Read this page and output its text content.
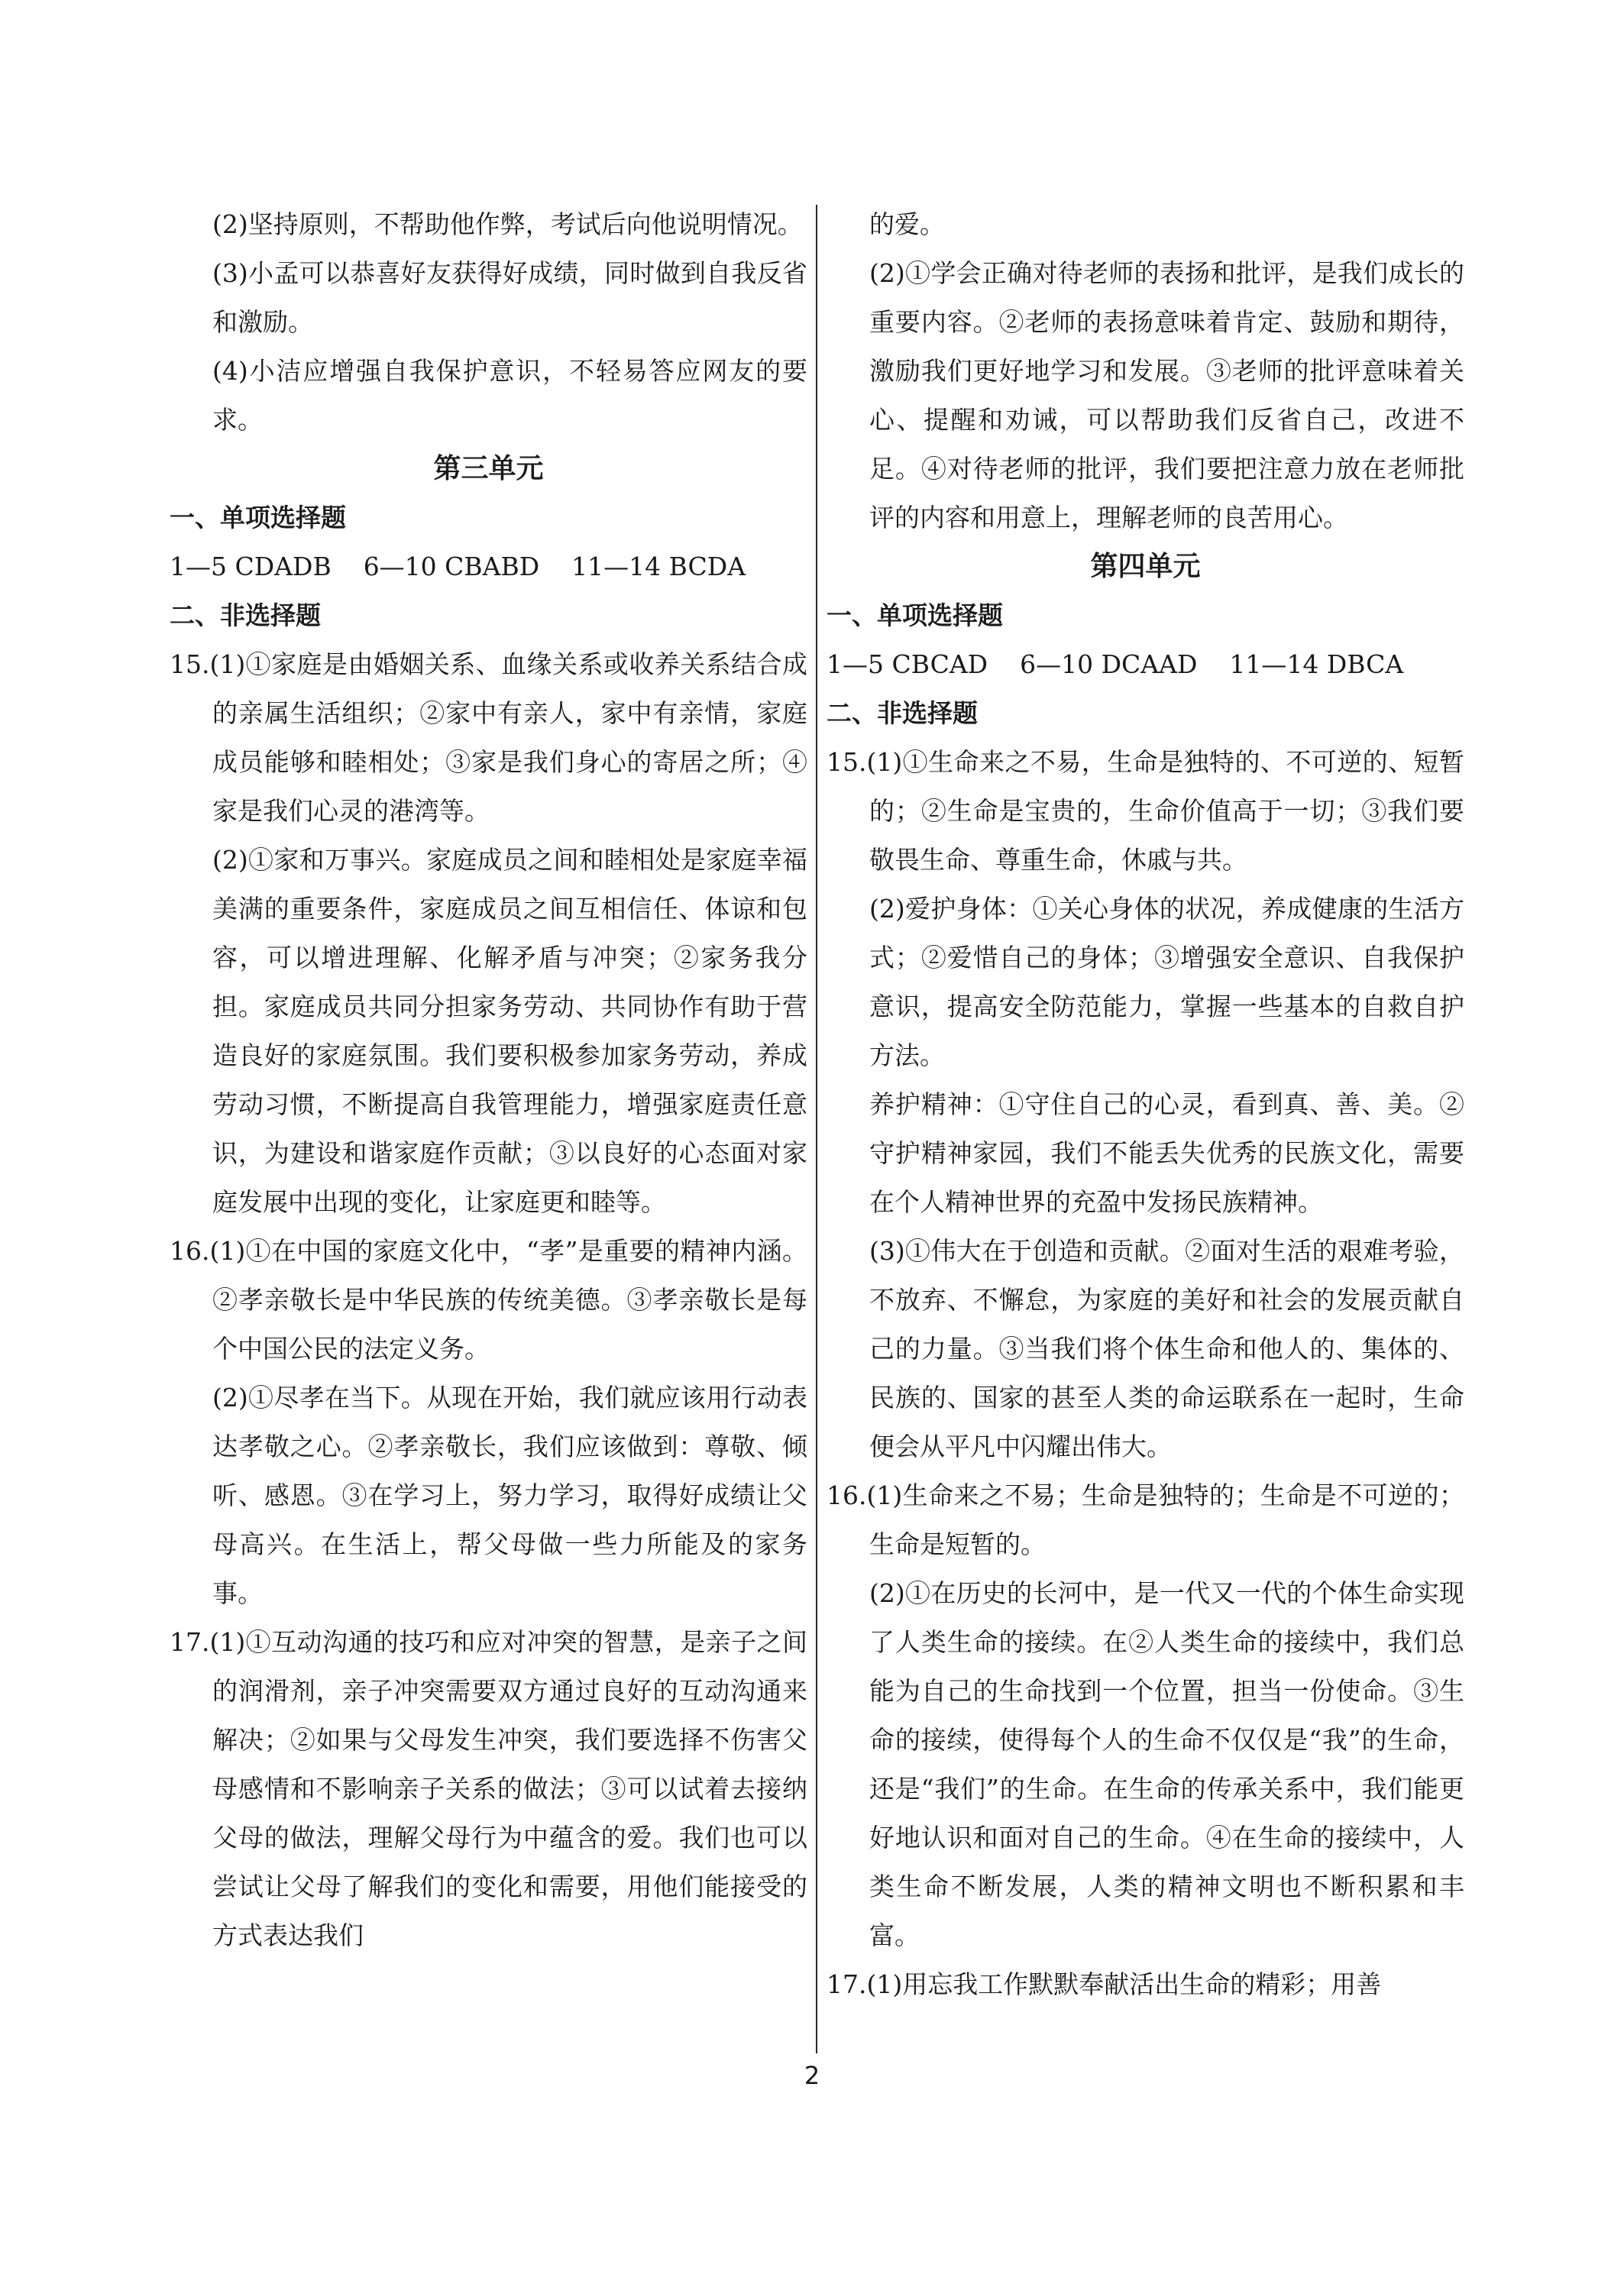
(2)坚持原则，不帮助他作弊，考试后向他说明情况。
(3)小孟可以恭喜好友获得好成绩，同时做到自我反省和激励。
(4)小洁应增强自我保护意识，不轻易答应网友的要求。
第三单元
一、单项选择题
1—5 CDADB    6—10 CBABD    11—14 BCDA
二、非选择题
15.(1)①家庭是由婚姻关系、血缘关系或收养关系结合成的亲属生活组织；②家中有亲人，家中有亲情，家庭成员能够和睦相处；③家是我们身心的寄居之所；④家是我们心灵的港湾等。
(2)①家和万事兴。家庭成员之间和睦相处是家庭幸福美满的重要条件，家庭成员之间互相信任、体谅和包容，可以增进理解、化解矛盾与冲突；②家务我分担。家庭成员共同分担家务劳动、共同协作有助于营造良好的家庭氛围。我们要积极参加家务劳动，养成劳动习惯，不断提高自我管理能力，增强家庭责任意识，为建设和谐家庭作贡献；③以良好的心态面对家庭发展中出现的变化，让家庭更和睦等。
16.(1)①在中国的家庭文化中，“孝”是重要的精神内涵。②孝亲敬长是中华民族的传统美德。③孝亲敬长是每个中国公民的法定义务。
(2)①尽孝在当下。从现在开始，我们就应该用行动表达孝敬之心。②孝亲敬长，我们应该做到：尊敬、倾听、感恩。③在学习上，努力学习，取得好成绩让父母高兴。在生活上，帮父母做一些力所能及的家务事。
17.(1)①互动沟通的技巧和应对冲突的智慧，是亲子之间的润滑剂，亲子冲突需要双方通过良好的互动沟通来解决；②如果与父母发生冲突，我们要选择不伤害父母感情和不影响亲子关系的做法；③可以试着去接纳父母的做法，理解父母行为中蕴含的爱。我们也可以尝试让父母了解我们的变化和需要，用他们能接受的方式表达我们
的爱。
(2)①学会正确对待老师的表扬和批评，是我们成长的重要内容。②老师的表扬意味着肯定、鼓励和期待，激励我们更好地学习和发展。③老师的批评意味着关心、提醒和劝诫，可以帮助我们反省自己，改进不足。④对待老师的批评，我们要把注意力放在老师批评的内容和用意上，理解老师的良苦用心。
第四单元
一、单项选择题
1—5 CBCAD    6—10 DCAAD    11—14 DBCA
二、非选择题
15.(1)①生命来之不易，生命是独特的、不可逆的、短暂的；②生命是宝贵的，生命价值高于一切；③我们要敬畏生命、尊重生命，休戚与共。
(2)爱护身体：①关心身体的状况，养成健康的生活方式；②爱惜自己的身体；③增强安全意识、自我保护意识，提高安全防范能力，掌握一些基本的自救自护方法。
养护精神：①守住自己的心灵，看到真、善、美。②守护精神家园，我们不能丢失优秀的民族文化，需要在个人精神世界的充盈中发扬民族精神。
(3)①伟大在于创造和贡献。②面对生活的艰难考验，不放弃、不懈怠，为家庭的美好和社会的发展贡献自己的力量。③当我们将个体生命和他人的、集体的、民族的、国家的甚至人类的命运联系在一起时，生命便会从平凡中闪耀出伟大。
16.(1)生命来之不易；生命是独特的；生命是不可逆的；生命是短暂的。
(2)①在历史的长河中，是一代又一代的个体生命实现了人类生命的接续。在②人类生命的接续中，我们总能为自己的生命找到一个位置，担当一份使命。③生命的接续，使得每个人的生命不仅仅是“我”的生命，还是“我们”的生命。在生命的传承关系中，我们能更好地认识和面对自己的生命。④在生命的接续中，人类生命不断发展，人类的精神文明也不断积累和丰富。
17.(1)用忘我工作默默奉献活出生命的精彩；用善
2
